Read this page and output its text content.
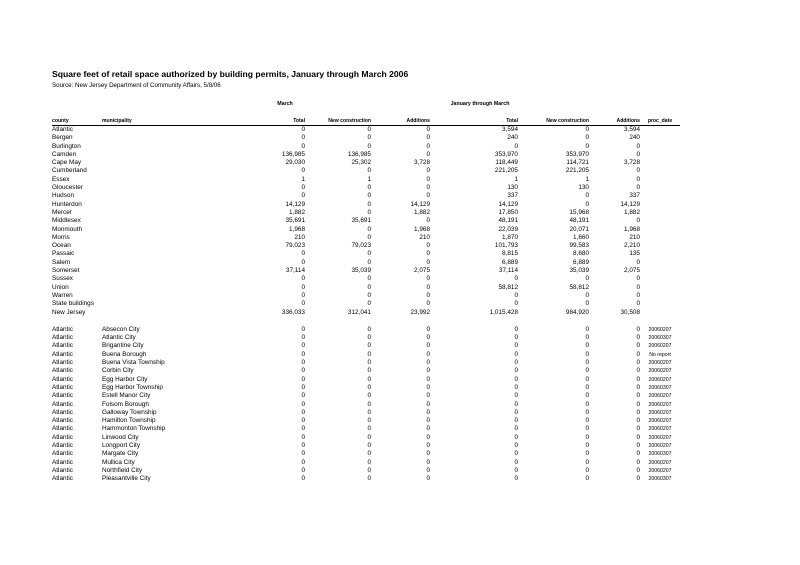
Square feet of retail space authorized by building permits, January through March 2006
Source: New Jersey Department of Community Affairs, 5/8/06
March	January through March
county	municipality	Total	New construction	Additions	Total	New construction	Additions	proc_date
Atlantic		0	0	0	3,594	0	3,594	
Bergen		0	0	0	240	0	240	
Burlington		0	0	0	0	0	0	
Camden		136,985	136,985	0	353,970	353,970	0	
Cape May		29,030	25,302	3,728	118,449	114,721	3,728	
Cumberland		0	0	0	221,205	221,205	0	
Essex		1	1	0	1	1	0	
Gloucester		0	0	0	130	130	0	
Hudson		0	0	0	337	0	337	
Hunterdon		14,129	0	14,129	14,129	0	14,129	
Mercer		1,882	0	1,882	17,850	15,968	1,882	
Middlesex		35,691	35,691	0	48,191	48,191	0	
Monmouth		1,968	0	1,968	22,039	20,071	1,968	
Morris		210	0	210	1,870	1,660	210	
Ocean		79,023	79,023	0	101,793	99,583	2,210	
Passaic		0	0	0	8,815	8,680	135	
Salem		0	0	0	6,889	6,889	0	
Somerset		37,114	35,039	2,075	37,114	35,039	2,075	
Sussex		0	0	0	0	0	0	
Union		0	0	0	58,812	58,812	0	
Warren		0	0	0	0	0	0	
State buildings		0	0	0	0	0	0	
New Jersey		336,033	312,041	23,992	1,015,428	984,920	30,508	

Atlantic	Absecon City	0	0	0	0	0	0	20060207
Atlantic	Atlantic City	0	0	0	0	0	0	20060307
Atlantic	Brigantine City	0	0	0	0	0	0	20060207
Atlantic	Buena Borough	0	0	0	0	0	0	No report
Atlantic	Buena Vista Township	0	0	0	0	0	0	20060207
Atlantic	Corbin City	0	0	0	0	0	0	20060207
Atlantic	Egg Harbor City	0	0	0	0	0	0	20060207
Atlantic	Egg Harbor Township	0	0	0	0	0	0	20060307
Atlantic	Estell Manor City	0	0	0	0	0	0	20060207
Atlantic	Folsom Borough	0	0	0	0	0	0	20060207
Atlantic	Galloway Township	0	0	0	0	0	0	20060207
Atlantic	Hamilton Township	0	0	0	0	0	0	20060207
Atlantic	Hammonton Township	0	0	0	0	0	0	20060207
Atlantic	Linwood City	0	0	0	0	0	0	20060207
Atlantic	Longport City	0	0	0	0	0	0	20060207
Atlantic	Margate City	0	0	0	0	0	0	20060307
Atlantic	Mullica City	0	0	0	0	0	0	20060207
Atlantic	Northfield City	0	0	0	0	0	0	20060207
Atlantic	Pleasantville City	0	0	0	0	0	0	20060307
